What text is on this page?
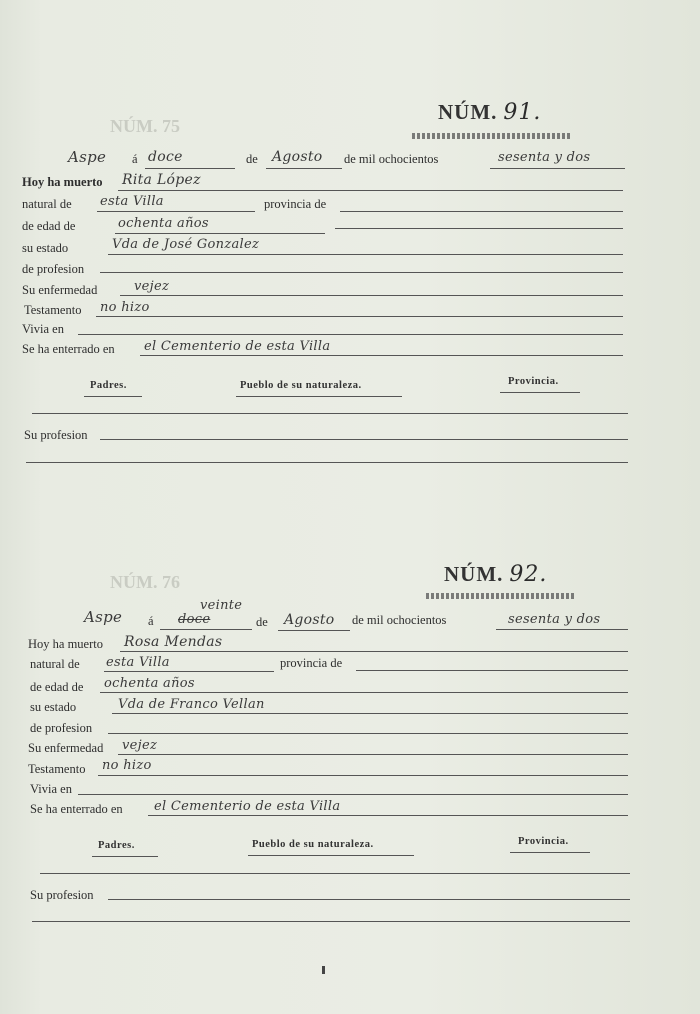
NÚM. 75
NÚM. 76
NÚM. 91.
Aspe á doce	de Agosto de mil ochocientos	sesenta y dos
Hoy ha muerto Rita López
natural de esta Villa	provincia de
de edad de	ochenta años
su estado	Vda de José Gonzalez
de profesion
Su enfermedad	vejez
Testamento no hizo
Vivia en
Se ha enterrado en el Cementerio de esta Villa
Padres.	Pueblo de su naturaleza.	Provincia.
Su profesion
NÚM. 92.
Aspe á
veinte
doce	de Agosto de mil ochocientos	sesenta y dos
Hoy ha muerto Rosa Mendas
natural de esta Villa	provincia de
de edad de ochenta años
su estado	Vda de Franco Vellan
de profesion
Su enfermedad vejez
Testamento no hizo
Vivia en
Se ha enterrado en el Cementerio de esta Villa
Padres.	Pueblo de su naturaleza.	Provincia.
Su profesion
